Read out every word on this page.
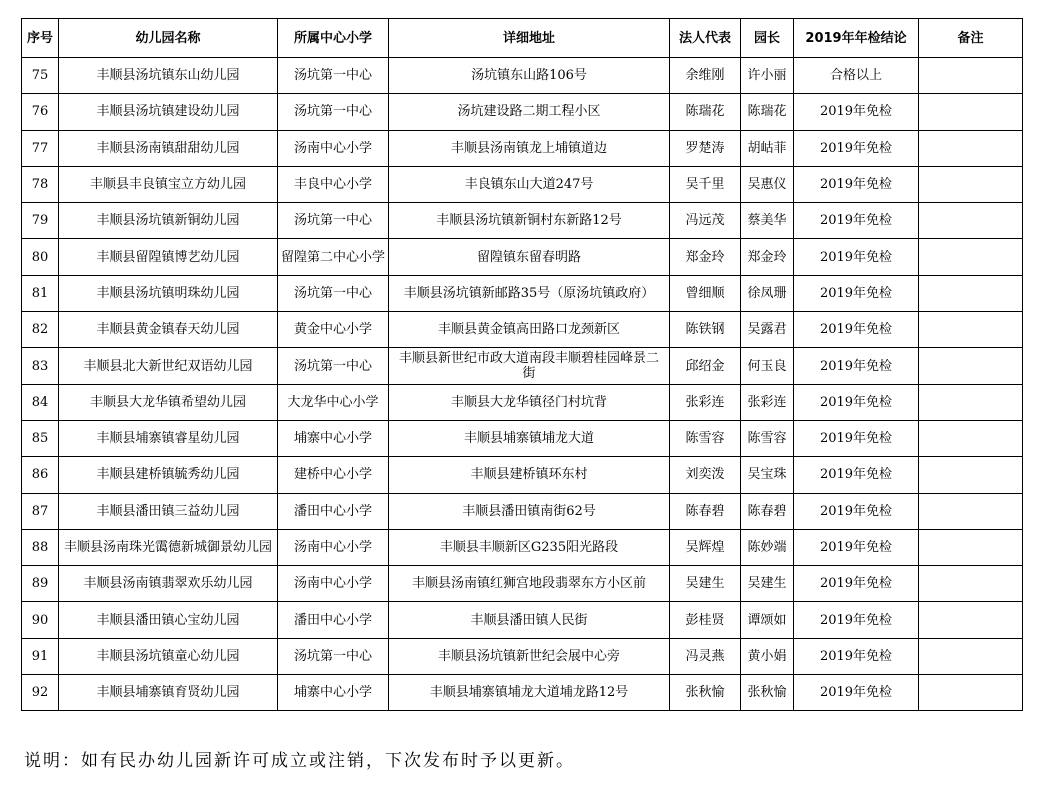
序号	幼儿园名称	所属中心小学	详细地址	法人代表	园长	2019年年检结论	备注
75	丰顺县汤坑镇东山幼儿园	汤坑第一中心	汤坑镇东山路106号	余维刚	许小丽	合格以上	
76	丰顺县汤坑镇建设幼儿园	汤坑第一中心	汤坑建设路二期工程小区	陈瑞花	陈瑞花	2019年免检	
77	丰顺县汤南镇甜甜幼儿园	汤南中心小学	丰顺县汤南镇龙上埔镇道边	罗楚涛	胡岵菲	2019年免检	
78	丰顺县丰良镇宝立方幼儿园	丰良中心小学	丰良镇东山大道247号	吴千里	吴惠仪	2019年免检	
79	丰顺县汤坑镇新铜幼儿园	汤坑第一中心	丰顺县汤坑镇新铜村东新路12号	冯远茂	蔡美华	2019年免检	
80	丰顺县留隍镇博艺幼儿园	留隍第二中心小学	留隍镇东留春明路	郑金玲	郑金玲	2019年免检	
81	丰顺县汤坑镇明珠幼儿园	汤坑第一中心	丰顺县汤坑镇新邮路35号（原汤坑镇政府）	曾细顺	徐凤珊	2019年免检	
82	丰顺县黄金镇春天幼儿园	黄金中心小学	丰顺县黄金镇高田路口龙颈新区	陈铁钢	吴露君	2019年免检	
83	丰顺县北大新世纪双语幼儿园	汤坑第一中心	丰顺县新世纪市政大道南段丰顺碧桂园峰景二街	邱绍金	何玉良	2019年免检	
84	丰顺县大龙华镇希望幼儿园	大龙华中心小学	丰顺县大龙华镇径门村坑背	张彩连	张彩连	2019年免检	
85	丰顺县埔寨镇睿星幼儿园	埔寨中心小学	丰顺县埔寨镇埔龙大道	陈雪容	陈雪容	2019年免检	
86	丰顺县建桥镇毓秀幼儿园	建桥中心小学	丰顺县建桥镇环东村	刘奕泼	吴宝珠	2019年免检	
87	丰顺县潘田镇三益幼儿园	潘田中心小学	丰顺县潘田镇南街62号	陈春碧	陈春碧	2019年免检	
88	丰顺县汤南珠光霭德新城御景幼儿园	汤南中心小学	丰顺县丰顺新区G235阳光路段	吴辉煌	陈妙端	2019年免检	
89	丰顺县汤南镇翡翠欢乐幼儿园	汤南中心小学	丰顺县汤南镇红狮宫地段翡翠东方小区前	吴建生	吴建生	2019年免检	
90	丰顺县潘田镇心宝幼儿园	潘田中心小学	丰顺县潘田镇人民街	彭桂贤	谭颂如	2019年免检	
91	丰顺县汤坑镇童心幼儿园	汤坑第一中心	丰顺县汤坑镇新世纪会展中心旁	冯灵燕	黄小娟	2019年免检	
92	丰顺县埔寨镇育贤幼儿园	埔寨中心小学	丰顺县埔寨镇埔龙大道埔龙路12号	张秋愉	张秋愉	2019年免检	
说明：如有民办幼儿园新许可成立或注销，下次发布时予以更新。
